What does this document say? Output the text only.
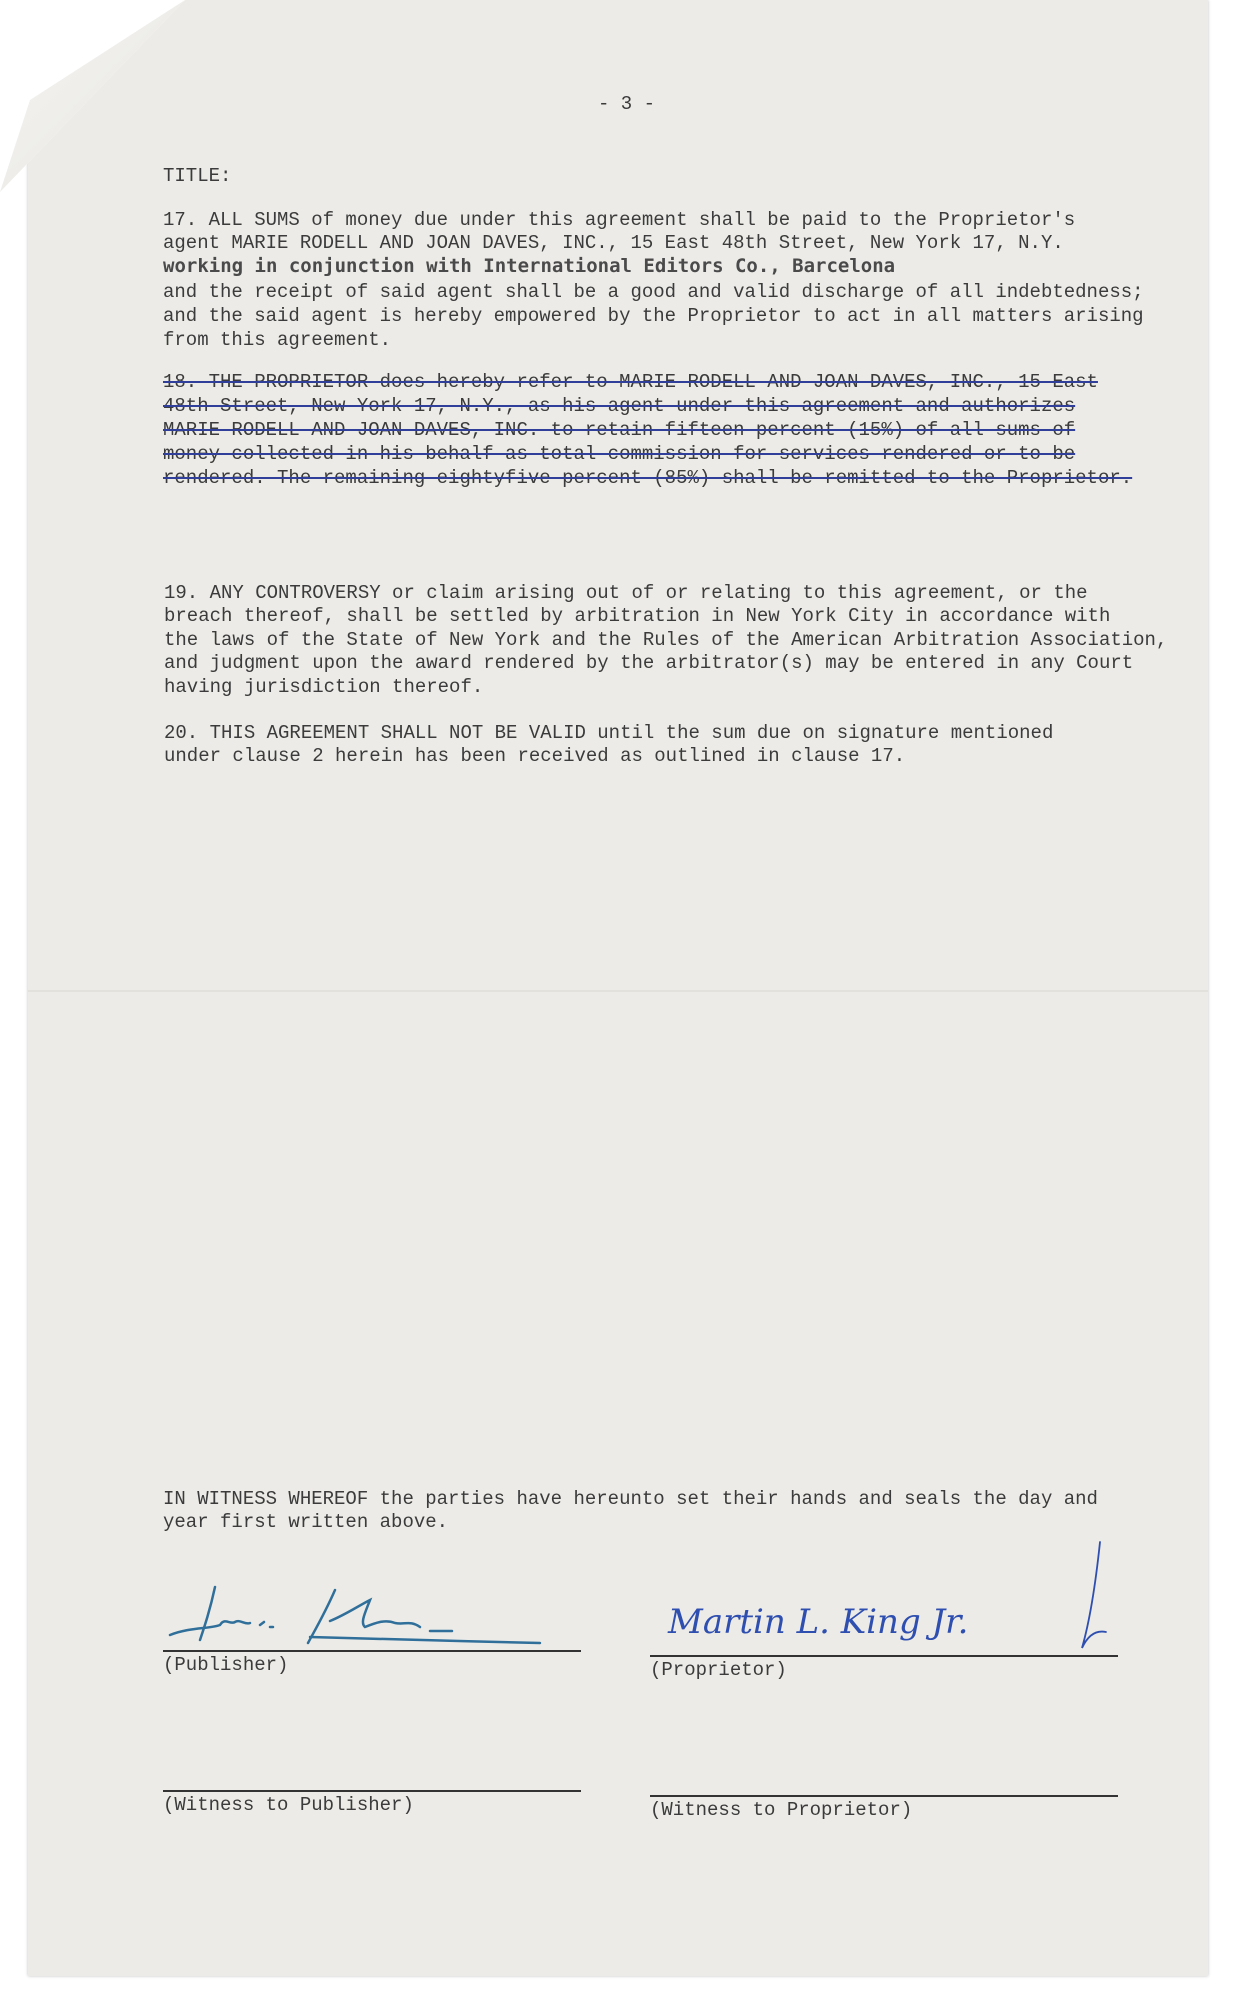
- 3 -
TITLE:
17. ALL SUMS of money due under this agreement shall be paid to the Proprietor's
agent MARIE RODELL AND JOAN DAVES, INC., 15 East 48th Street, New York 17, N.Y.
working in conjunction with International Editors Co., Barcelona
and the receipt of said agent shall be a good and valid discharge of all indebtedness;
and the said agent is hereby empowered by the Proprietor to act in all matters arising
from this agreement.
18. THE PROPRIETOR does hereby refer to MARIE RODELL AND JOAN DAVES, INC., 15 East
48th Street, New York 17, N.Y., as his agent under this agreement and authorizes
MARIE RODELL AND JOAN DAVES, INC. to retain fifteen percent (15%) of all sums of
money collected in his behalf as total commission for services rendered or to be
rendered. The remaining eightyfive percent (85%) shall be remitted to the Proprietor.
19. ANY CONTROVERSY or claim arising out of or relating to this agreement, or the
breach thereof, shall be settled by arbitration in New York City in accordance with
the laws of the State of New York and the Rules of the American Arbitration Association,
and judgment upon the award rendered by the arbitrator(s) may be entered in any Court
having jurisdiction thereof.
20. THIS AGREEMENT SHALL NOT BE VALID until the sum due on signature mentioned
under clause 2 herein has been received as outlined in clause 17.
IN WITNESS WHEREOF the parties have hereunto set their hands and seals the day and
year first written above.
(Publisher)	(Proprietor)
(Witness to Publisher)	(Witness to Proprietor)
Martin L. King Jr.
